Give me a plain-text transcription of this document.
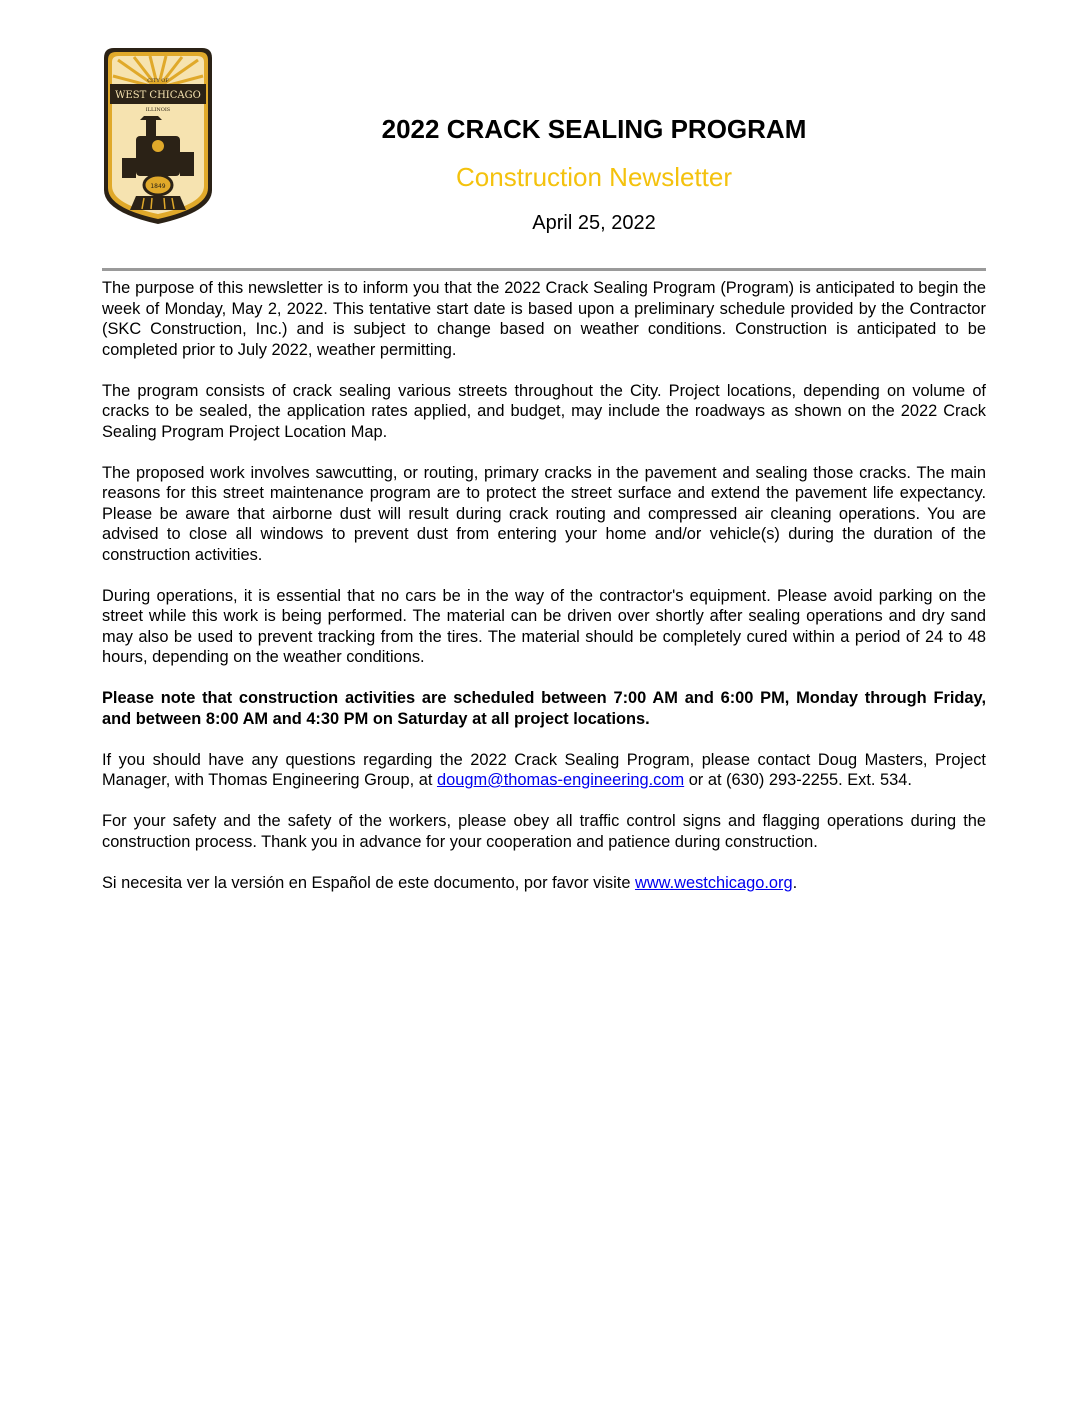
CITY OF
WEST CHICAGO
ILLINOIS
1849
2022 CRACK SEALING PROGRAM
Construction Newsletter
April 25, 2022

The purpose of this newsletter is to inform you that the 2022 Crack Sealing Program (Program) is anticipated to begin the week of Monday, May 2, 2022. This tentative start date is based upon a preliminary schedule provided by the Contractor (SKC Construction, Inc.) and is subject to change based on weather conditions. Construction is anticipated to be completed prior to July 2022, weather permitting.

The program consists of crack sealing various streets throughout the City. Project locations, depending on volume of cracks to be sealed, the application rates applied, and budget, may include the roadways as shown on the 2022 Crack Sealing Program Project Location Map.

The proposed work involves sawcutting, or routing, primary cracks in the pavement and sealing those cracks. The main reasons for this street maintenance program are to protect the street surface and extend the pavement life expectancy. Please be aware that airborne dust will result during crack routing and compressed air cleaning operations. You are advised to close all windows to prevent dust from entering your home and/or vehicle(s) during the duration of the construction activities.

During operations, it is essential that no cars be in the way of the contractor's equipment. Please avoid parking on the street while this work is being performed. The material can be driven over shortly after sealing operations and dry sand may also be used to prevent tracking from the tires. The material should be completely cured within a period of 24 to 48 hours, depending on the weather conditions.

Please note that construction activities are scheduled between 7:00 AM and 6:00 PM, Monday through Friday, and between 8:00 AM and 4:30 PM on Saturday at all project locations.

If you should have any questions regarding the 2022 Crack Sealing Program, please contact Doug Masters, Project Manager, with Thomas Engineering Group, at dougm@thomas-engineering.com or at (630) 293-2255. Ext. 534.

For your safety and the safety of the workers, please obey all traffic control signs and flagging operations during the construction process. Thank you in advance for your cooperation and patience during construction.

Si necesita ver la versión en Español de este documento, por favor visite www.westchicago.org.
